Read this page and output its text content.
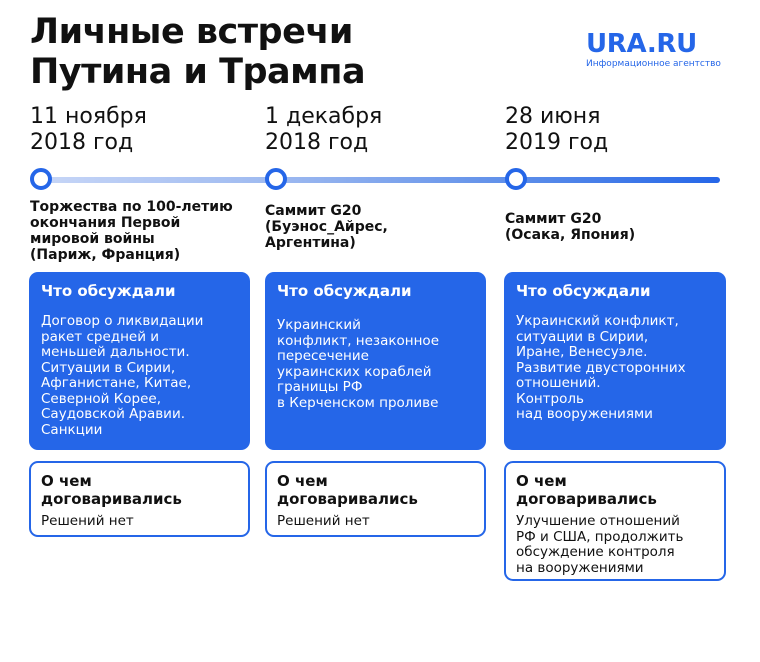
Личные встречи
Путина и Трампа
URA.RU
Информационное агентство
11 ноября
2018 год
1 декабря
2018 год
28 июня
2019 год
Торжества по 100-летию
окончания Первой
мировой войны
(Париж, Франция)
Саммит G20
(Буэнос_Айрес,
Аргентина)
Саммит G20
(Осака, Япония)

Что обсуждали

Договор о ликвидации
ракет средней и
меньшей дальности.
Ситуации в Сирии,
Афганистане, Китае,
Северной Корее,
Саудовской Аравии.
Санкции

Что обсуждали

Украинский
конфликт, незаконное
пересечение
украинских кораблей
границы РФ
в Керченском проливе

Что обсуждали

Украинский конфликт,
ситуации в Сирии,
Иране, Венесуэле.
Развитие двусторонних
отношений.
Контроль
над вооружениями
О чем
договаривались
Решений нет
О чем
договаривались
Решений нет
О чем
договаривались
Улучшение отношений
РФ и США, продолжить
обсуждение контроля
на вооружениями
